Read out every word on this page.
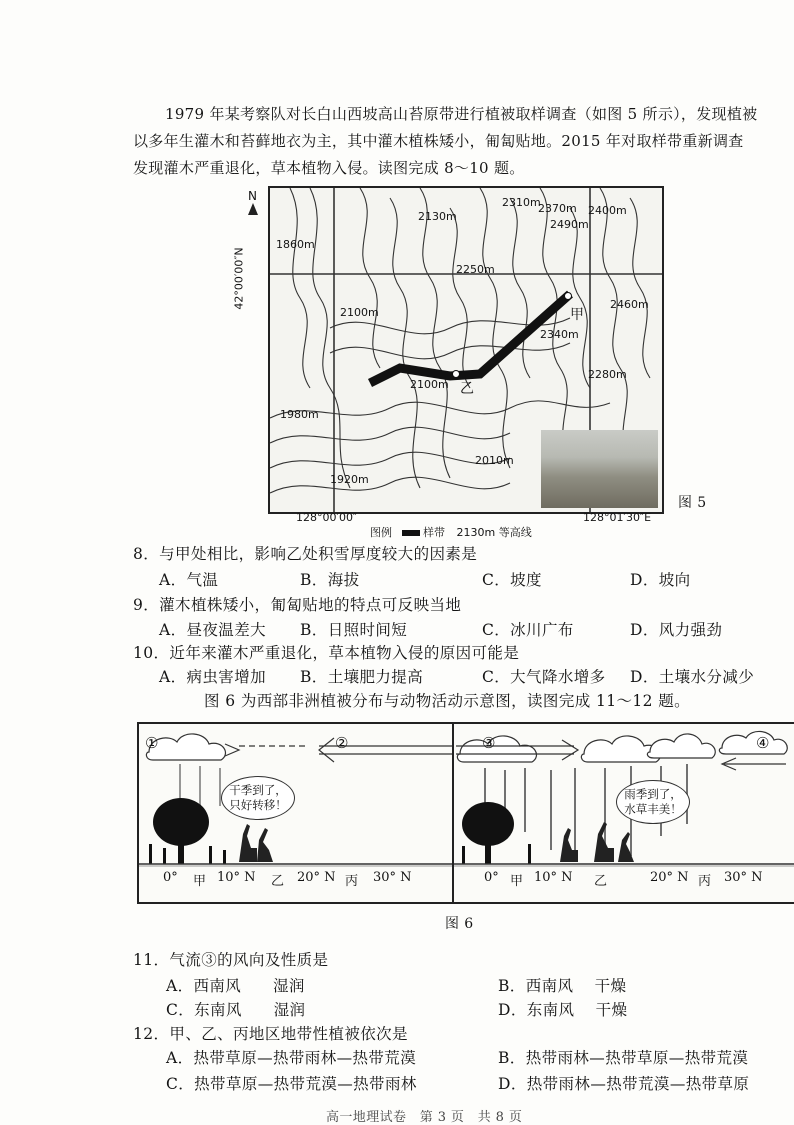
1979 年某考察队对长白山西坡高山苔原带进行植被取样调查（如图 5 所示），发现植被

以多年生灌木和苔藓地衣为主，其中灌木植株矮小，匍匐贴地。2015 年对取样带重新调查

发现灌木严重退化，草本植物入侵。读图完成 8～10 题。

N
42°00′00″N
2130m
2310m
2370m 2400m
2490m
2250m
2460m
1860m
2100m
2340m
2280m
2100m
1980m
2010m
1920m
甲
乙
图 5
128°00′00″	128°01′30″E
图例	样带 2130m 等高线
8．与甲处相比，影响乙处积雪厚度较大的因素是
A．气温	B．海拔	C．坡度	D．坡向
9．灌木植株矮小，匍匐贴地的特点可反映当地
A．昼夜温差大 B．日照时间短	C．冰川广布	D．风力强劲
10．近年来灌木严重退化，草本植物入侵的原因可能是
A．病虫害增加 B．土壤肥力提高	C．大气降水增多 D．土壤水分减少
图 6 为西部非洲植被分布与动物活动示意图，读图完成 11～12 题。
①	②
干季到了，
只好转移！
0° 甲 10° N 乙 20° N 丙 30° N
③	④
雨季到了，
水草丰美！
0° 甲 10° N 乙	20° N 丙 30° N
图 6
11．气流③的风向及性质是
A．西南风　　湿润	B．西南风　 干燥
C．东南风　　湿润	D．东南风　 干燥
12．甲、乙、丙地区地带性植被依次是
A．热带草原—热带雨林—热带荒漠	B．热带雨林—热带草原—热带荒漠
C．热带草原—热带荒漠—热带雨林	D．热带雨林—热带荒漠—热带草原
高一地理试卷　第 3 页　共 8 页
